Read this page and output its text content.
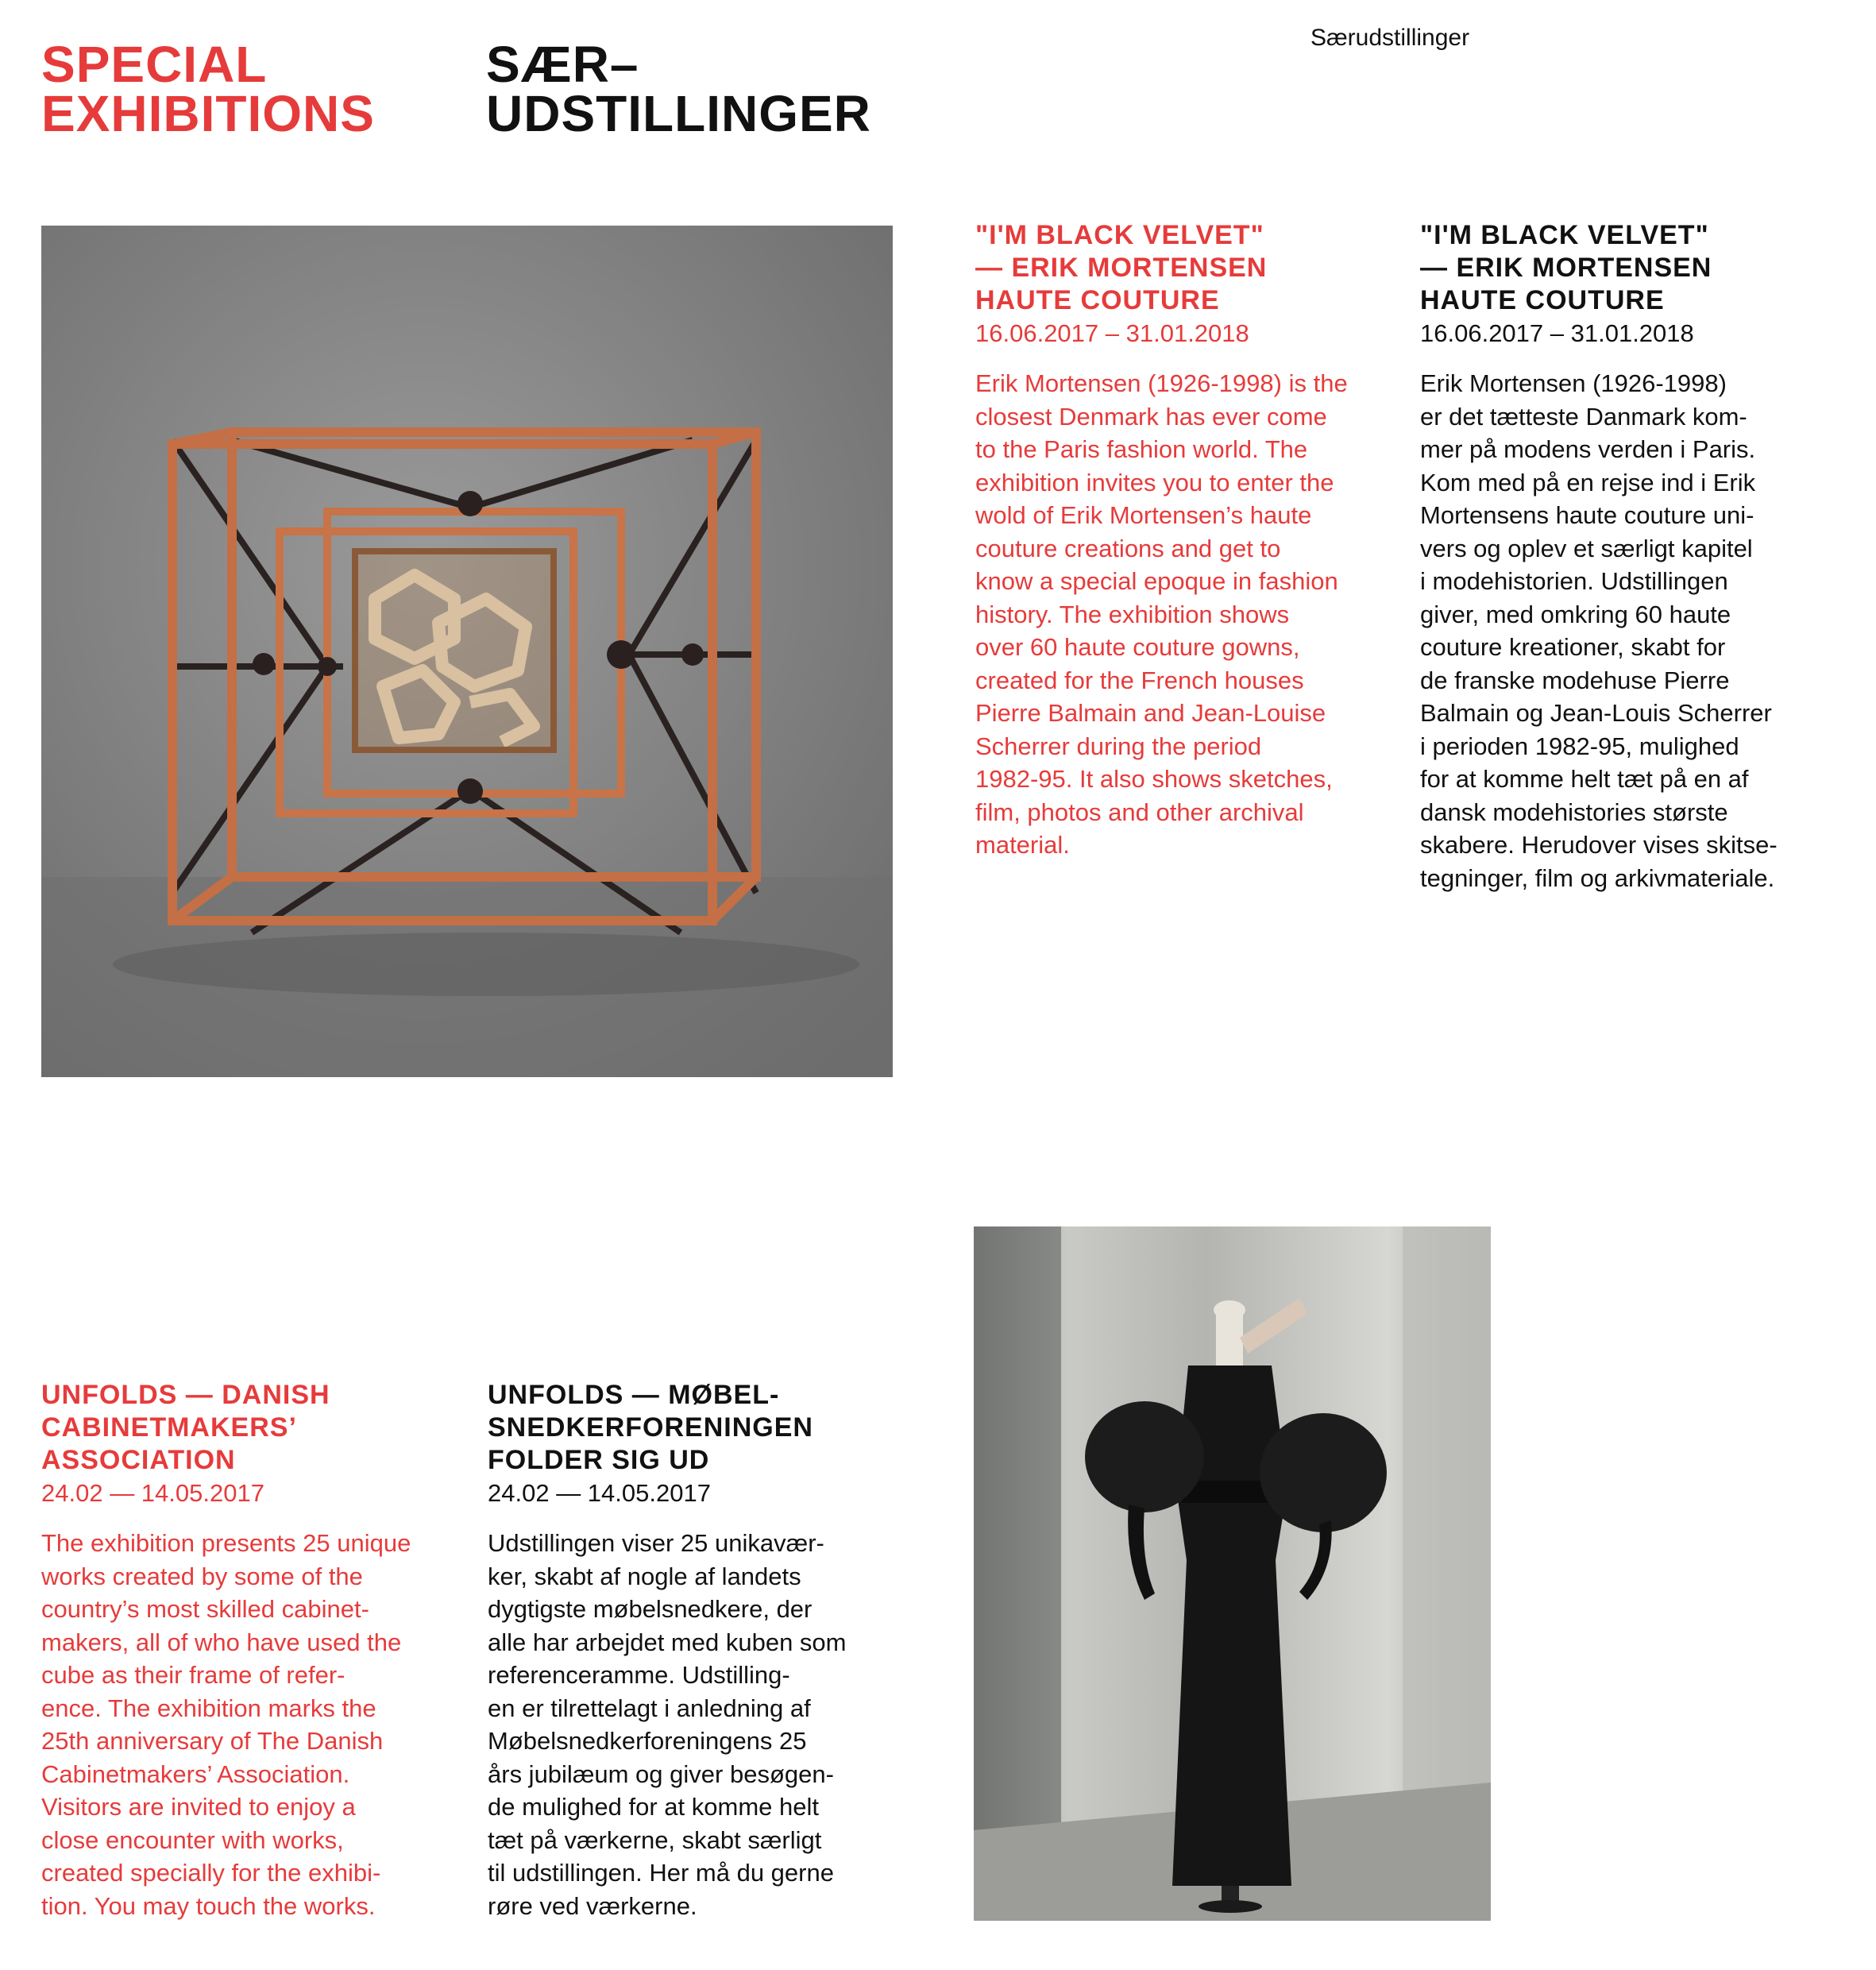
Særudstillinger
SPECIAL
EXHIBITIONS
SÆR–
UDSTILLINGER
"I'M BLACK VELVET"
— ERIK MORTENSEN
HAUTE COUTURE

16.06.2017 – 31.01.2018

Erik Mortensen (1926-1998) is the
closest Denmark has ever come
to the Paris fashion world. The
exhibition invites you to enter the
wold of Erik Mortensen’s haute
couture creations and get to
know a special epoque in fashion
history. The exhibition shows
over 60 haute couture gowns,
created for the French houses
Pierre Balmain and Jean-Louise
Scherrer during the period
1982-95. It also shows sketches,
film, photos and other archival
material.

"I'M BLACK VELVET"
— ERIK MORTENSEN
HAUTE COUTURE

16.06.2017 – 31.01.2018

Erik Mortensen (1926-1998)
er det tætteste Danmark kom-
mer på modens verden i Paris.
Kom med på en rejse ind i Erik
Mortensens haute couture uni-
vers og oplev et særligt kapitel
i modehistorien. Udstillingen
giver, med omkring 60 haute
couture kreationer, skabt for
de franske modehuse Pierre
Balmain og Jean-Louis Scherrer
i perioden 1982-95, mulighed
for at komme helt tæt på en af
dansk modehistories største
skabere. Herudover vises skitse-
tegninger, film og arkivmateriale.

UNFOLDS — DANISH
CABINETMAKERS’
ASSOCIATION

24.02 — 14.05.2017

The exhibition presents 25 unique
works created by some of the
country’s most skilled cabinet-
makers, all of who have used the
cube as their frame of refer-
ence. The exhibition marks the
25th anniversary of The Danish
Cabinetmakers’ Association.
Visitors are invited to enjoy a
close encounter with works,
created specially for the exhibi-
tion. You may touch the works.

UNFOLDS — MØBEL-
SNEDKERFORENINGEN
FOLDER SIG UD

24.02 — 14.05.2017

Udstillingen viser 25 unikavær-
ker, skabt af nogle af landets
dygtigste møbelsnedkere, der
alle har arbejdet med kuben som
referenceramme. Udstilling-
en er tilrettelagt i anledning af
Møbelsnedkerforeningens 25
års jubilæum og giver besøgen-
de mulighed for at komme helt
tæt på værkerne, skabt særligt
til udstillingen. Her må du gerne
røre ved værkerne.
